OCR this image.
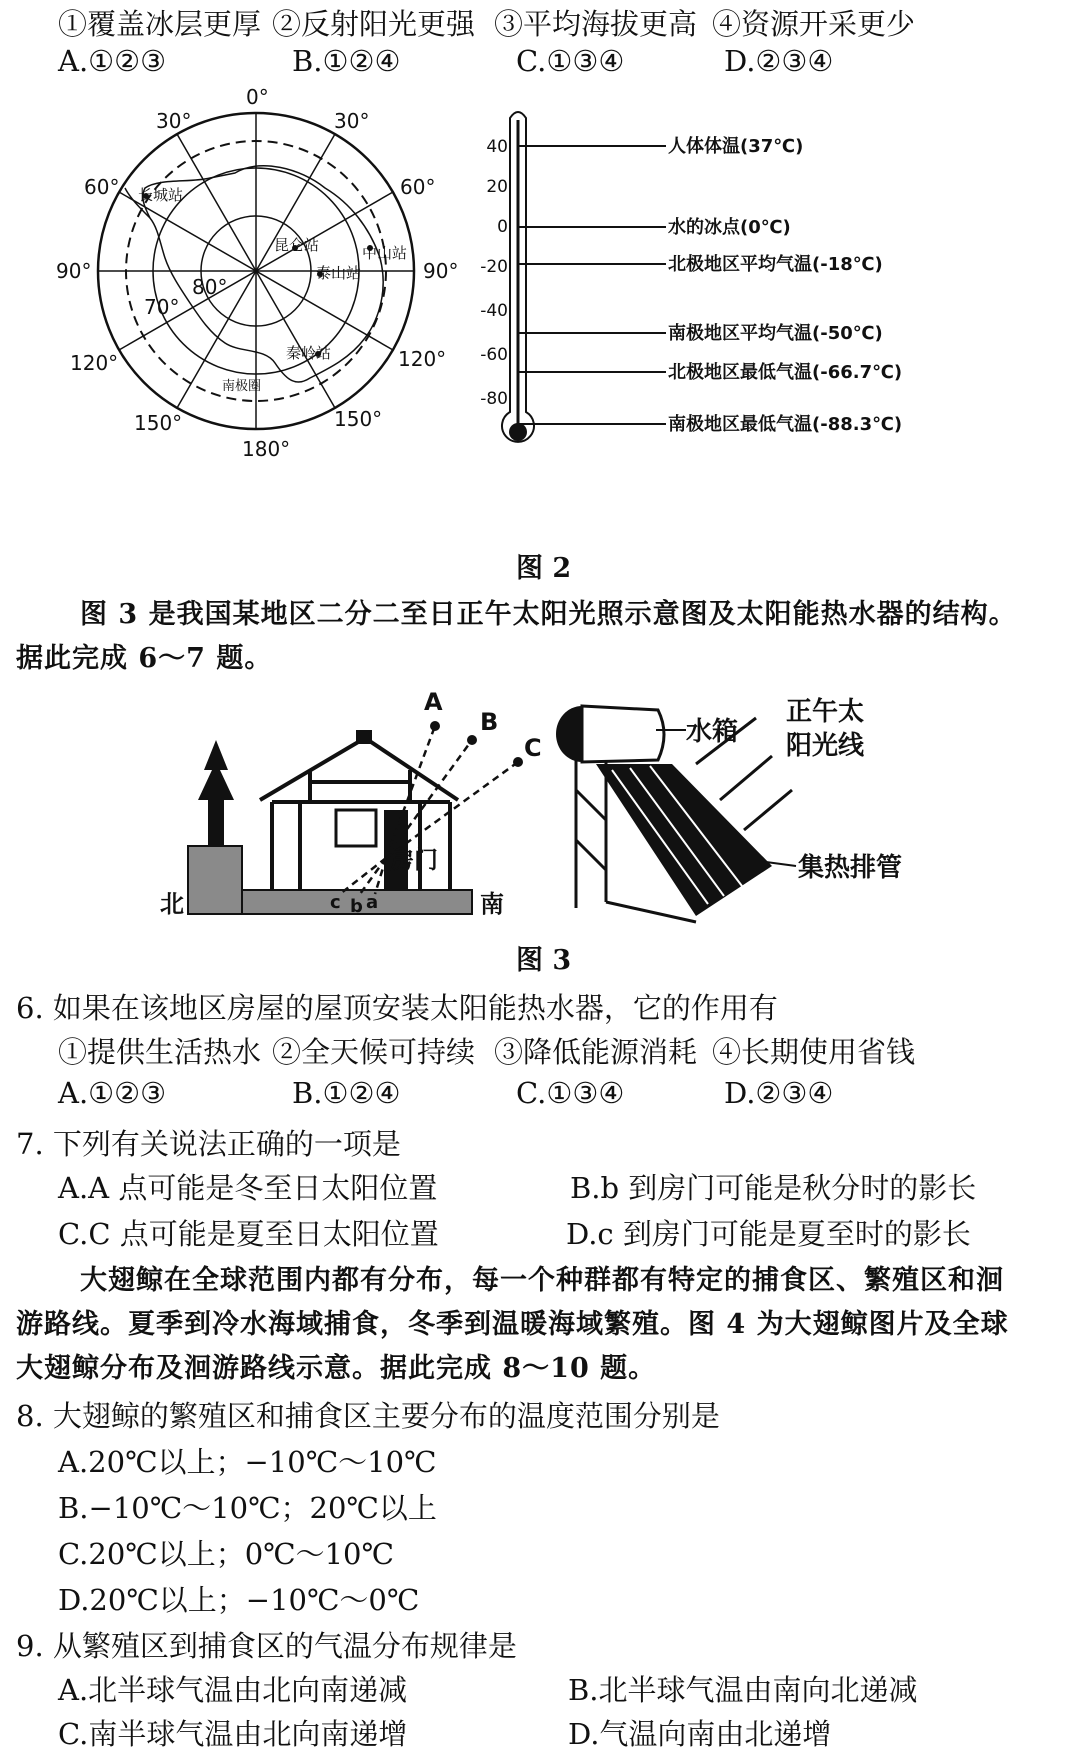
①覆盖冰层更厚 ②反射阳光更强 ③平均海拔更高 ④资源开采更少
A.①②③	B.①②④	C.①③④	D.②③④
0°
30°	30°
60°	60°
90°	90°
120°	120°
150°	150°
180°
70°
80°
长城站
昆仑站	中山站
泰山站
秦岭站
南极圈
40
20
0
-20
-40
-60
-80
人体体温(37℃)
水的冰点(0℃)
北极地区平均气温(-18℃)
南极地区平均气温(-50℃)
北极地区最低气温(-66.7℃)
南极地区最低气温(-88.3℃)
图 2
图 3 是我国某地区二分二至日正午太阳光照示意图及太阳能热水器的结构。
据此完成 6～7 题。
A
B
C
房门
北	南
c b a
水箱
正午太
阳光线
集热排管
图 3
6. 如果在该地区房屋的屋顶安装太阳能热水器，它的作用有
①提供生活热水 ②全天候可持续 ③降低能源消耗 ④长期使用省钱
A.①②③	B.①②④	C.①③④	D.②③④
7. 下列有关说法正确的一项是
A.A 点可能是冬至日太阳位置	B.b 到房门可能是秋分时的影长
C.C 点可能是夏至日太阳位置	D.c 到房门可能是夏至时的影长
大翅鲸在全球范围内都有分布，每一个种群都有特定的捕食区、繁殖区和洄
游路线。夏季到冷水海域捕食，冬季到温暖海域繁殖。图 4 为大翅鲸图片及全球
大翅鲸分布及洄游路线示意。据此完成 8～10 题。
8. 大翅鲸的繁殖区和捕食区主要分布的温度范围分别是
A.20℃以上；−10℃～10℃
B.−10℃～10℃；20℃以上
C.20℃以上；0℃～10℃
D.20℃以上；−10℃～0℃
9. 从繁殖区到捕食区的气温分布规律是
A.北半球气温由北向南递减	B.北半球气温由南向北递减
C.南半球气温由北向南递增	D.气温向南由北递增
